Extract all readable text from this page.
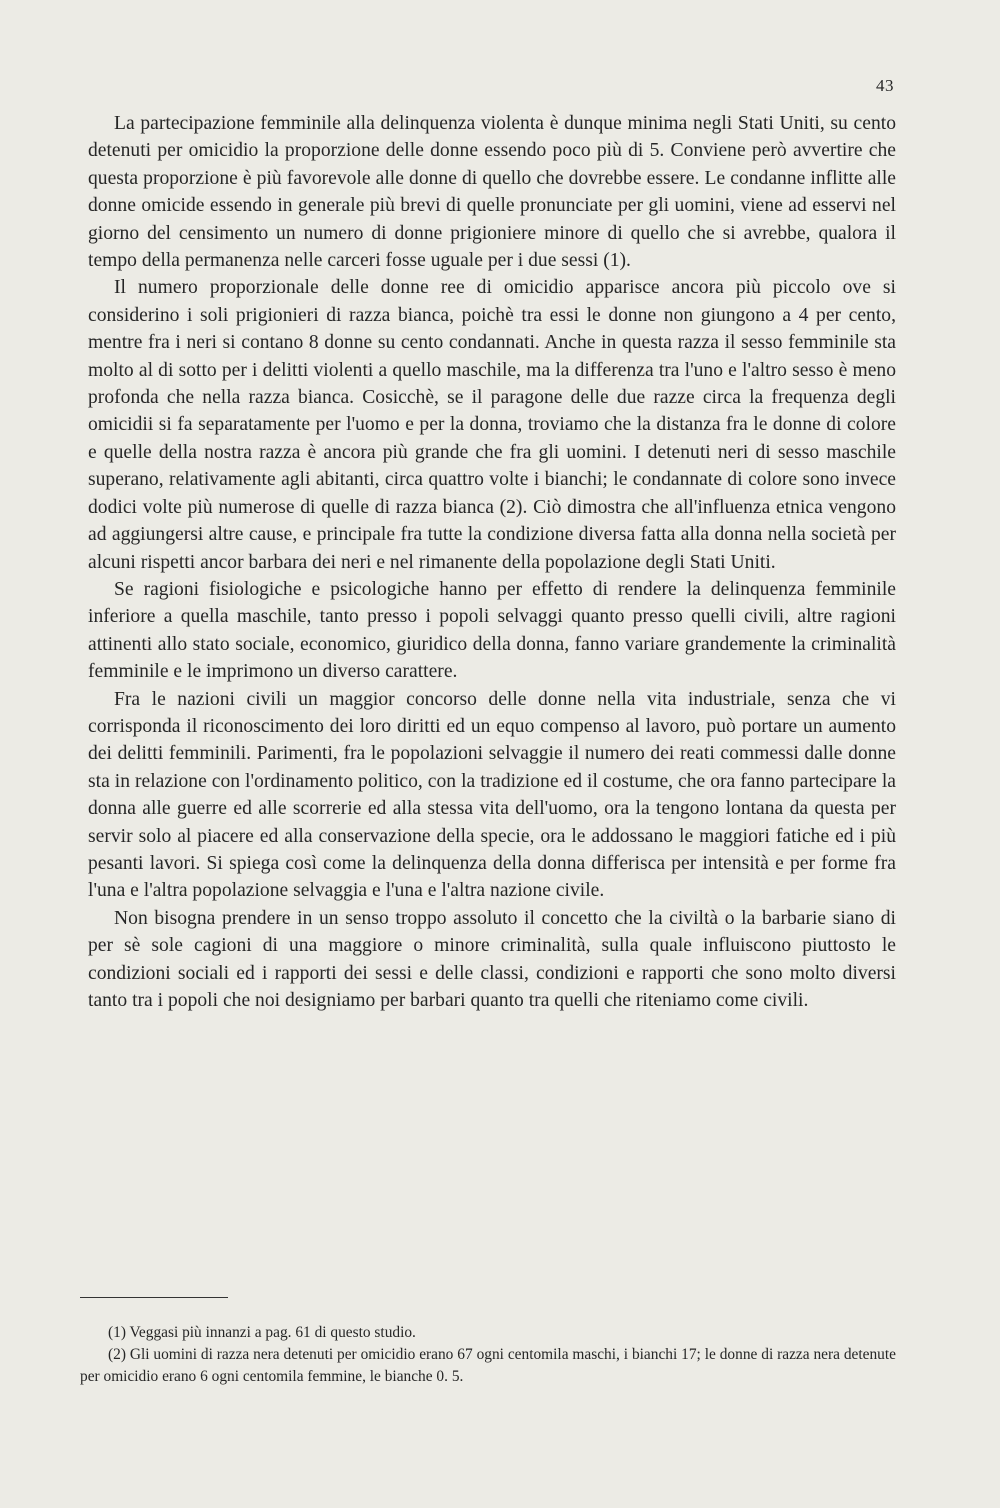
43

La partecipazione femminile alla delinquenza violenta è dunque minima negli Stati Uniti, su cento detenuti per omicidio la proporzione delle donne essendo poco più di 5. Conviene però avvertire che questa proporzione è più favorevole alle donne di quello che dovrebbe essere. Le condanne inflitte alle donne omicide essendo in generale più brevi di quelle pronunciate per gli uomini, viene ad esservi nel giorno del censimento un numero di donne prigioniere minore di quello che si avrebbe, qualora il tempo della permanenza nelle carceri fosse uguale per i due sessi (1).

Il numero proporzionale delle donne ree di omicidio apparisce ancora più piccolo ove si considerino i soli prigionieri di razza bianca, poichè tra essi le donne non giungono a 4 per cento, mentre fra i neri si contano 8 donne su cento condannati. Anche in questa razza il sesso femminile sta molto al di sotto per i delitti violenti a quello maschile, ma la differenza tra l'uno e l'altro sesso è meno profonda che nella razza bianca. Cosicchè, se il paragone delle due razze circa la frequenza degli omicidii si fa separatamente per l'uomo e per la donna, troviamo che la distanza fra le donne di colore e quelle della nostra razza è ancora più grande che fra gli uomini. I detenuti neri di sesso maschile superano, relativamente agli abitanti, circa quattro volte i bianchi; le condannate di colore sono invece dodici volte più numerose di quelle di razza bianca (2). Ciò dimostra che all'influenza etnica vengono ad aggiungersi altre cause, e principale fra tutte la condizione diversa fatta alla donna nella società per alcuni rispetti ancor barbara dei neri e nel rimanente della popolazione degli Stati Uniti.

Se ragioni fisiologiche e psicologiche hanno per effetto di rendere la delinquenza femminile inferiore a quella maschile, tanto presso i popoli selvaggi quanto presso quelli civili, altre ragioni attinenti allo stato sociale, economico, giuridico della donna, fanno variare grandemente la criminalità femminile e le imprimono un diverso carattere.

Fra le nazioni civili un maggior concorso delle donne nella vita industriale, senza che vi corrisponda il riconoscimento dei loro diritti ed un equo compenso al lavoro, può portare un aumento dei delitti femminili. Parimenti, fra le popolazioni selvaggie il numero dei reati commessi dalle donne sta in relazione con l'ordinamento politico, con la tradizione ed il costume, che ora fanno partecipare la donna alle guerre ed alle scorrerie ed alla stessa vita dell'uomo, ora la tengono lontana da questa per servir solo al piacere ed alla conservazione della specie, ora le addossano le maggiori fatiche ed i più pesanti lavori. Si spiega così come la delinquenza della donna differisca per intensità e per forme fra l'una e l'altra popolazione selvaggia e l'una e l'altra nazione civile.

Non bisogna prendere in un senso troppo assoluto il concetto che la civiltà o la barbarie siano di per sè sole cagioni di una maggiore o minore criminalità, sulla quale influiscono piuttosto le condizioni sociali ed i rapporti dei sessi e delle classi, condizioni e rapporti che sono molto diversi tanto tra i popoli che noi designiamo per barbari quanto tra quelli che riteniamo come civili.

(1) Veggasi più innanzi a pag. 61 di questo studio.

(2) Gli uomini di razza nera detenuti per omicidio erano 67 ogni centomila maschi, i bianchi 17; le donne di razza nera detenute per omicidio erano 6 ogni centomila femmine, le bianche 0. 5.
